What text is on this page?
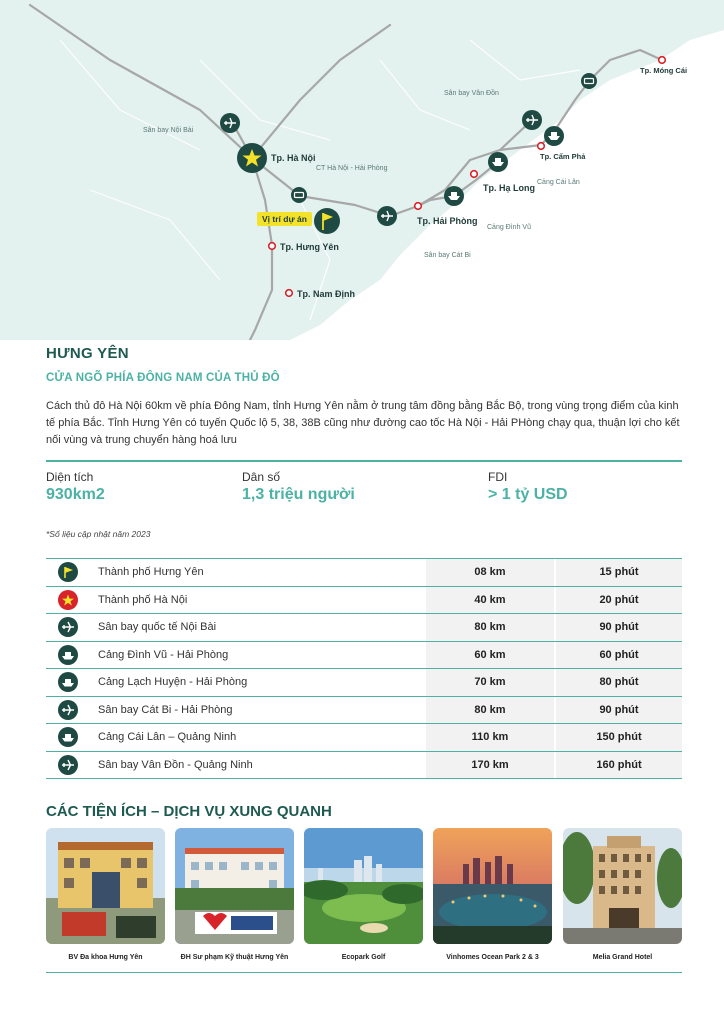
Sân bay Nội Bài
Tp. Hà Nội
CT Hà Nội - Hải Phòng
Vị trí dự án
Tp. Hưng Yên
Tp. Nam Định
Tp. Hải Phòng
Sân bay Cát Bi
Cảng Đình Vũ
Tp. Hạ Long
Cảng Cái Lân
Tp. Cẩm Phả
Sân bay Vân Đồn
Tp. Móng Cái
HƯNG YÊN
CỬA NGÕ PHÍA ĐÔNG NAM CỦA THỦ ĐÔ

Cách thủ đô Hà Nội 60km về phía Đông Nam, tỉnh Hưng Yên nằm ở trung tâm đồng bằng Bắc Bộ, trong vùng trọng điểm của kinh tế phía Bắc. Tỉnh Hưng Yên có tuyến Quốc lộ 5, 38, 38B cũng như đường cao tốc Hà Nội - Hải PHòng chạy qua, thuận lợi cho kết nối vùng và trung chuyển hàng hoá lưu

Diện tích
930km2
Dân số
1,3 triệu người
FDI
> 1 tỷ USD
*Số liệu cập nhật năm 2023
	Thành phố Hưng Yên	08 km		15 phút

	Thành phố Hà Nội	40 km		20 phút

	Sân bay quốc tế Nội Bài	80 km		90 phút

	Cảng Đình Vũ - Hải Phòng	60 km		60 phút

	Cảng Lạch Huyện - Hải Phòng	70 km		80 phút

	Sân bay Cát Bi - Hải Phòng	80 km		90 phút

	Cảng Cái Lân – Quảng Ninh	110 km		150 phút

	Sân bay Vân Đồn - Quảng Ninh	170 km		160 phút
CÁC TIỆN ÍCH – DỊCH VỤ XUNG QUANH
BV Đa khoa Hưng Yên	ĐH Sư phạm Kỹ thuật Hưng Yên	Ecopark Golf	Vinhomes Ocean Park 2 & 3	Melia Grand Hotel
